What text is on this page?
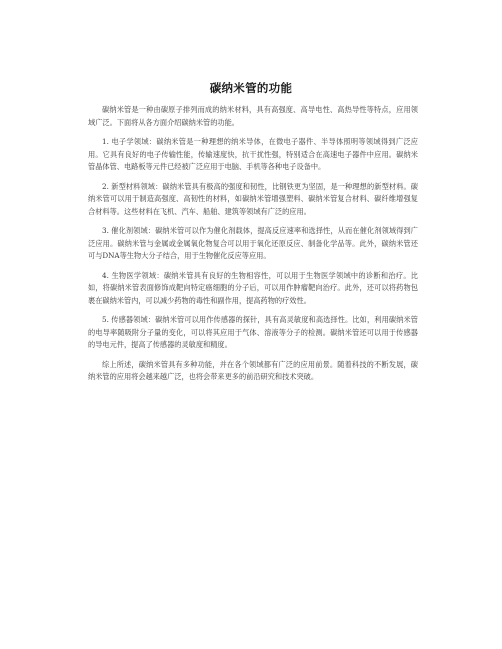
碳纳米管的功能

碳纳米管是一种由碳原子排列而成的纳米材料，具有高强度、高导电性、高热导性等特点，应用领域广泛。下面将从各方面介绍碳纳米管的功能。

1. 电子学领域：碳纳米管是一种理想的纳米导体，在微电子器件、半导体照明等领域得到广泛应用。它具有良好的电子传输性能，传输速度快，抗干扰性强，特别适合在高速电子器件中应用。碳纳米管晶体管、电路板等元件已经被广泛应用于电脑、手机等各种电子设备中。

2. 新型材料领域：碳纳米管具有极高的强度和韧性，比钢铁更为坚固，是一种理想的新型材料。碳纳米管可以用于制造高强度、高韧性的材料，如碳纳米管增强塑料、碳纳米管复合材料、碳纤维增强复合材料等。这些材料在飞机、汽车、船舶、建筑等领域有广泛的应用。

3. 催化剂领域：碳纳米管可以作为催化剂载体，提高反应速率和选择性，从而在催化剂领域得到广泛应用。碳纳米管与金属或金属氧化物复合可以用于氧化还原反应、制备化学品等。此外，碳纳米管还可与DNA等生物大分子结合，用于生物催化反应等应用。

4. 生物医学领域：碳纳米管具有良好的生物相容性，可以用于生物医学领域中的诊断和治疗。比如，将碳纳米管表面修饰成靶向特定癌细胞的分子后，可以用作肿瘤靶向治疗。此外，还可以将药物包裹在碳纳米管内，可以减少药物的毒性和副作用，提高药物的疗效性。

5. 传感器领域：碳纳米管可以用作传感器的探针，具有高灵敏度和高选择性。比如，利用碳纳米管的电导率随吸附分子量的变化，可以将其应用于气体、溶液等分子的检测。碳纳米管还可以用于传感器的导电元件，提高了传感器的灵敏度和精度。

综上所述，碳纳米管具有多种功能，并在各个领域都有广泛的应用前景。随着科技的不断发展，碳纳米管的应用将会越来越广泛，也将会带来更多的前沿研究和技术突破。
